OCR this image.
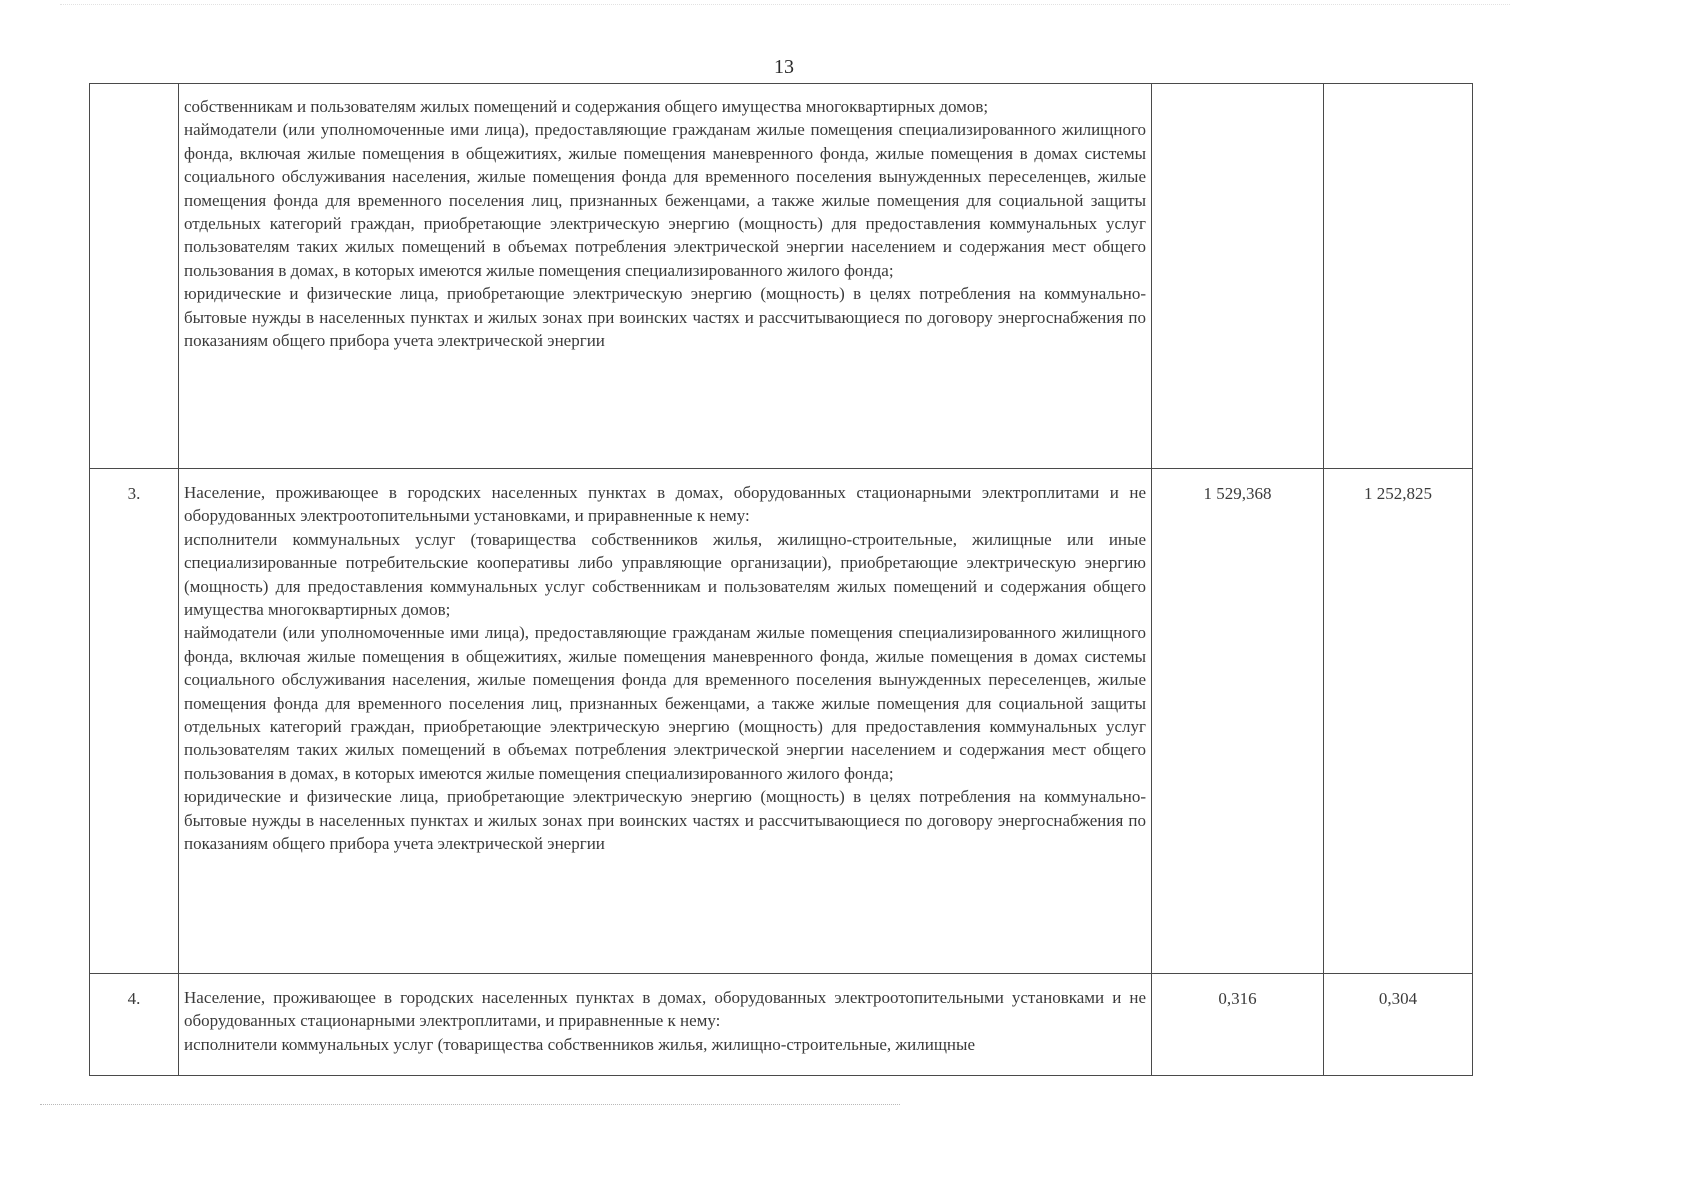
13

	собственникам и пользователям жилых помещений и содержания общего имущества многоквартирных домов;
наймодатели (или уполномоченные ими лица), предоставляющие гражданам жилые помещения специализированного жилищного фонда, включая жилые помещения в общежитиях, жилые помещения маневренного фонда, жилые помещения в домах системы социального обслуживания населения, жилые помещения фонда для временного поселения вынужденных переселенцев, жилые помещения фонда для временного поселения лиц, признанных беженцами, а также жилые помещения для социальной защиты отдельных категорий граждан, приобретающие электрическую энергию (мощность) для предоставления коммунальных услуг пользователям таких жилых помещений в объемах потребления электрической энергии населением и содержания мест общего пользования в домах, в которых имеются жилые помещения специализированного жилого фонда;
юридические и физические лица, приобретающие электрическую энергию (мощность) в целях потребления на коммунально-бытовые нужды в населенных пунктах и жилых зонах при воинских частях и рассчитывающиеся по договору энергоснабжения по показаниям общего прибора учета электрической энергии		

3.	Население, проживающее в городских населенных пунктах в домах, оборудованных стационарными электроплитами и не оборудованных электроотопительными установками, и приравненные к нему:
исполнители коммунальных услуг (товарищества собственников жилья, жилищно-строительные, жилищные или иные специализированные потребительские кооперативы либо управляющие организации), приобретающие электрическую энергию (мощность) для предоставления коммунальных услуг собственникам и пользователям жилых помещений и содержания общего имущества многоквартирных домов;
наймодатели (или уполномоченные ими лица), предоставляющие гражданам жилые помещения специализированного жилищного фонда, включая жилые помещения в общежитиях, жилые помещения маневренного фонда, жилые помещения в домах системы социального обслуживания населения, жилые помещения фонда для временного поселения вынужденных переселенцев, жилые помещения фонда для временного поселения лиц, признанных беженцами, а также жилые помещения для социальной защиты отдельных категорий граждан, приобретающие электрическую энергию (мощность) для предоставления коммунальных услуг пользователям таких жилых помещений в объемах потребления электрической энергии населением и содержания мест общего пользования в домах, в которых имеются жилые помещения специализированного жилого фонда;
юридические и физические лица, приобретающие электрическую энергию (мощность) в целях потребления на коммунально-бытовые нужды в населенных пунктах и жилых зонах при воинских частях и рассчитывающиеся по договору энергоснабжения по показаниям общего прибора учета электрической энергии	1 529,368	1 252,825
4.	Население, проживающее в городских населенных пунктах в домах, оборудованных электроотопительными установками и не оборудованных стационарными электроплитами, и приравненные к нему:
исполнители коммунальных услуг (товарищества собственников жилья, жилищно-строительные, жилищные	0,316	0,304
